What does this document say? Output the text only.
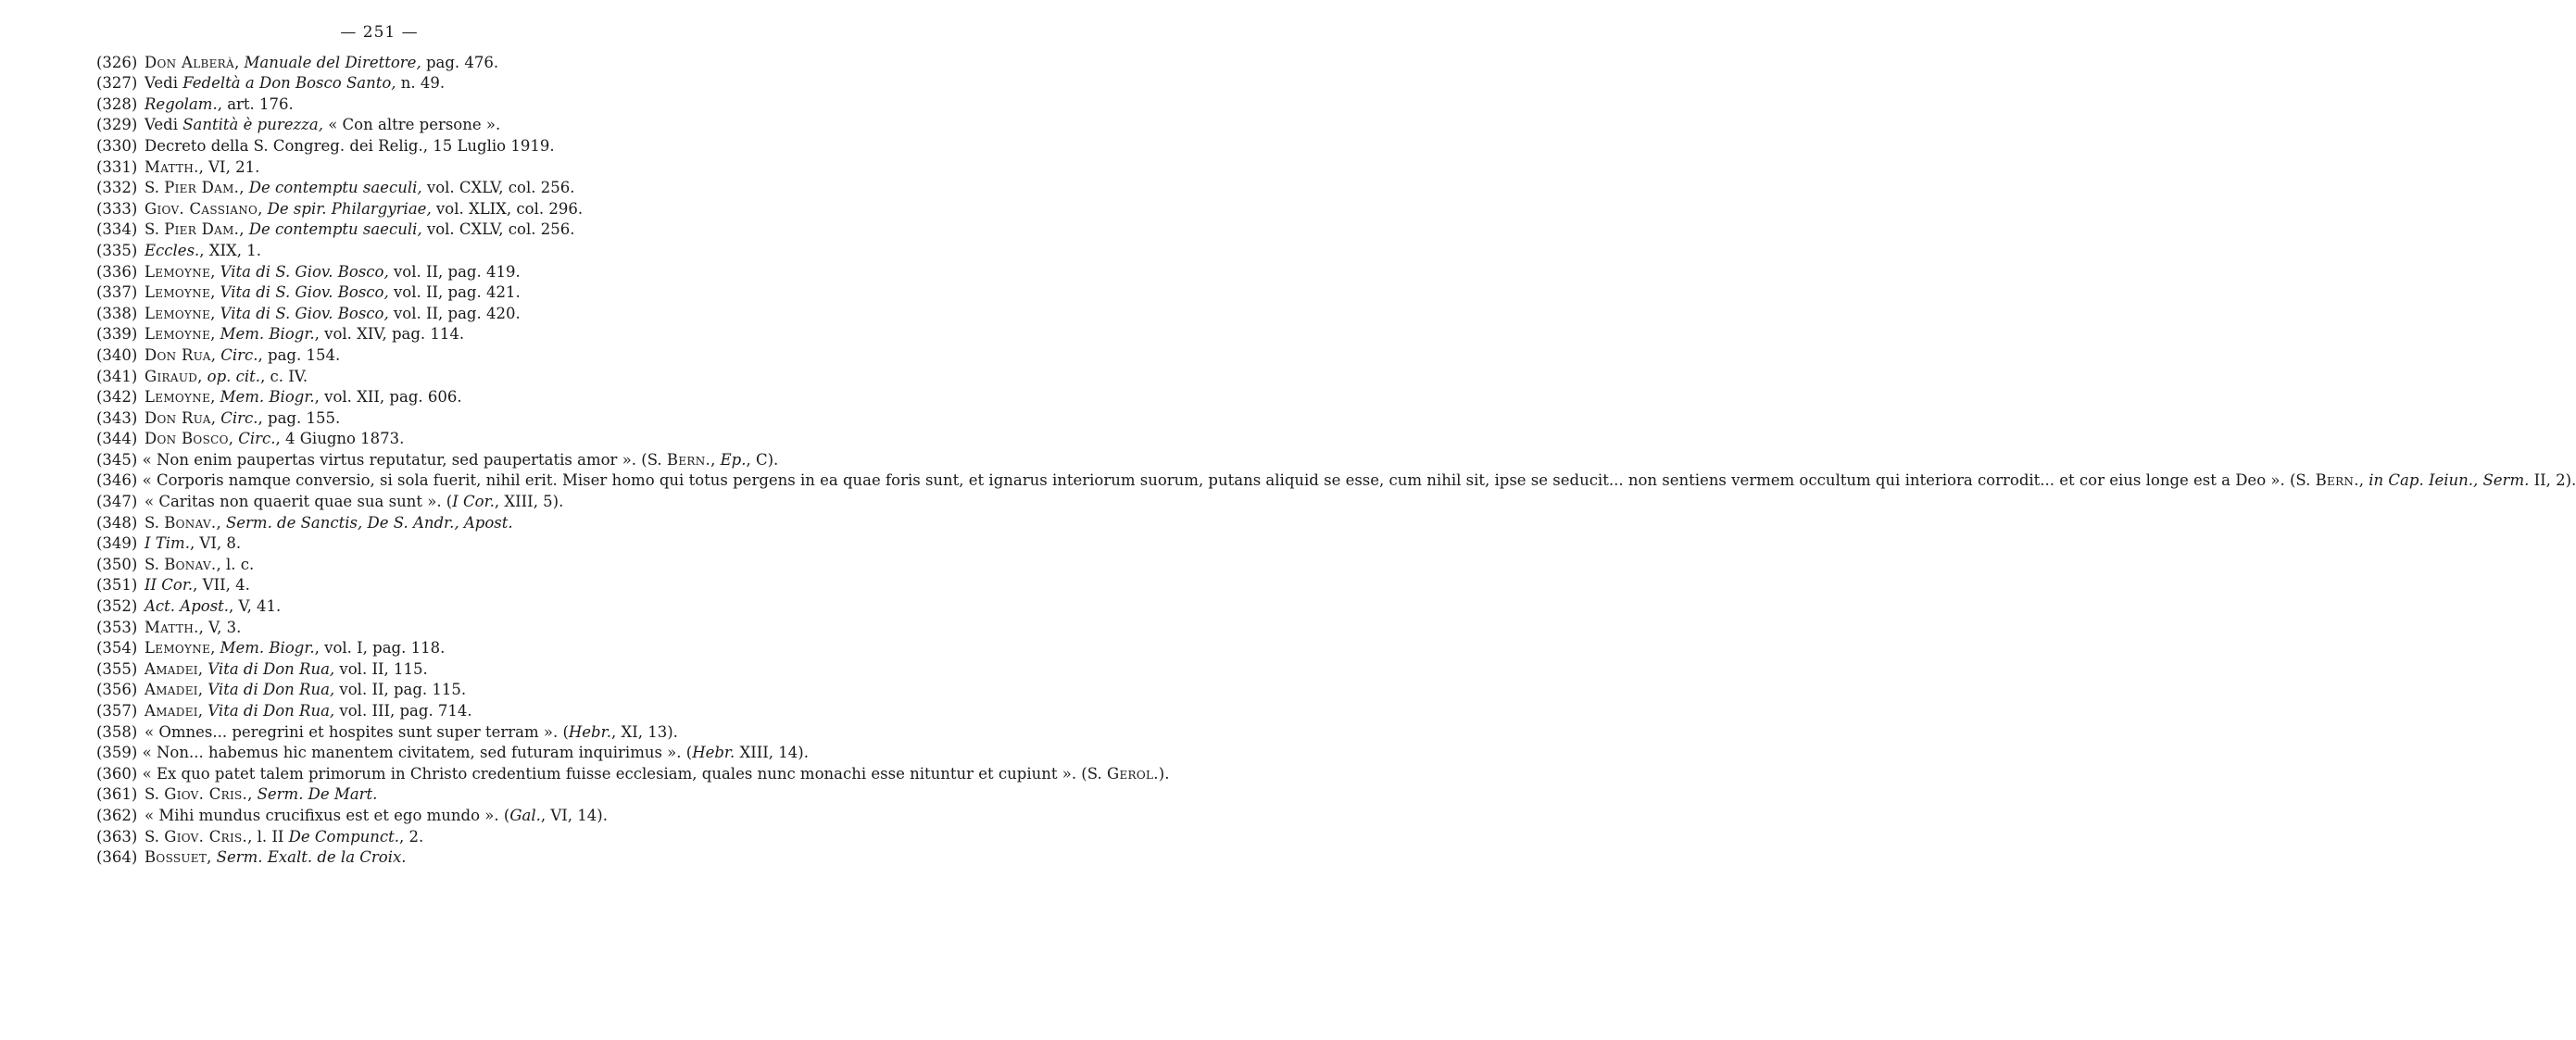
— 251 —

(326) Don Alberà‚ Manuale del Direttore, pag. 476.

(327) Vedi Fedeltà a Don Bosco Santo, n. 49.

(328) Regolam., art. 176.

(329) Vedi Santità è purezza, « Con altre persone ».

(330) Decreto della S. Congreg. dei Relig., 15 Luglio 1919.

(331) Matth., VI, 21.

(332) S. Pier Dam., De contemptu saeculi, vol. CXLV, col. 256.

(333) Giov. Cassiano, De spir. Philargyriae, vol. XLIX, col. 296.

(334) S. Pier Dam., De contemptu saeculi, vol. CXLV, col. 256.

(335) Eccles., XIX, 1.

(336) Lemoyne, Vita di S. Giov. Bosco, vol. II, pag. 419.

(337) Lemoyne, Vita di S. Giov. Bosco, vol. II, pag. 421.

(338) Lemoyne, Vita di S. Giov. Bosco, vol. II, pag. 420.

(339) Lemoyne, Mem. Biogr., vol. XIV, pag. 114.

(340) Don Rua, Circ., pag. 154.

(341) Giraud, op. cit., c. IV.

(342) Lemoyne, Mem. Biogr., vol. XII, pag. 606.

(343) Don Rua, Circ., pag. 155.

(344) Don Bosco, Circ., 4 Giugno 1873.

(345) « Non enim paupertas virtus reputatur, sed paupertatis amor ». (S. Bern., Ep., C).

(346) « Corporis namque conversio, si sola fuerit, nihil erit. Miser homo qui totus pergens in ea quae foris sunt, et ignarus interiorum suorum, putans aliquid se esse, cum nihil sit, ipse se seducit... non sentiens vermem occultum qui interiora corrodit... et cor eius longe est a Deo ». (S. Bern., in Cap. Ieiun., Serm. II, 2).

(347) « Caritas non quaerit quae sua sunt ». (I Cor., XIII, 5).

(348) S. Bonav., Serm. de Sanctis, De S. Andr., Apost.

(349) I Tim., VI, 8.

(350) S. Bonav., l. c.

(351) II Cor., VII, 4.

(352) Act. Apost., V, 41.

(353) Matth., V, 3.

(354) Lemoyne, Mem. Biogr., vol. I, pag. 118.

(355) Amadei, Vita di Don Rua, vol. II, 115.

(356) Amadei, Vita di Don Rua, vol. II, pag. 115.

(357) Amadei, Vita di Don Rua, vol. III, pag. 714.

(358) « Omnes... peregrini et hospites sunt super terram ». (Hebr., XI, 13).

(359) « Non... habemus hic manentem civitatem, sed futuram inquirimus ». (Hebr. XIII, 14).

(360) « Ex quo patet talem primorum in Christo credentium fuisse ecclesiam, quales nunc monachi esse nituntur et cupiunt ». (S. Gerol.).

(361) S. Giov. Cris., Serm. De Mart.

(362) « Mihi mundus crucifixus est et ego mundo ». (Gal., VI, 14).

(363) S. Giov. Cris., l. II De Compunct., 2.

(364) Bossuet, Serm. Exalt. de la Croix.
